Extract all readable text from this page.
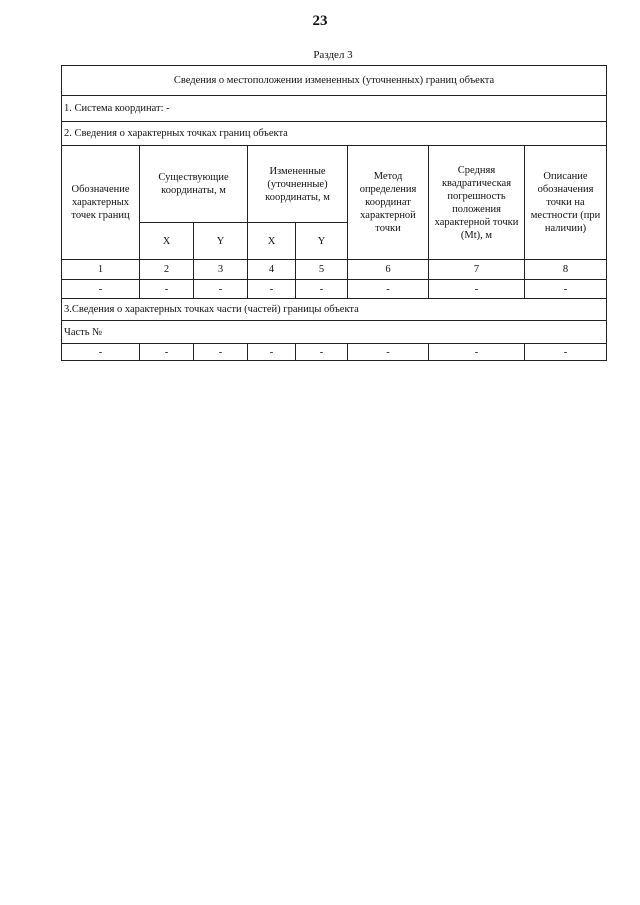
23
Раздел 3
Сведения о местоположении измененных (уточненных) границ объекта							
1. Система координат: -							
2. Сведения о характерных точках границ объекта							
Обозначение характерных точек границ	Существующие координаты, м		Измененные (уточненные) координаты, м		Метод определения координат характерной точки	Средняя квадратическая погрешность положения характерной точки (Mt), м	Описание обозначения точки на местности (при наличии)
	X	Y	X	Y			
1	2	3	4	5	6	7	8
-	-	-	-	-	-	-	-
3.Сведения о характерных точках части (частей) границы объекта							
Часть №							
-	-	-	-	-	-	-	-
